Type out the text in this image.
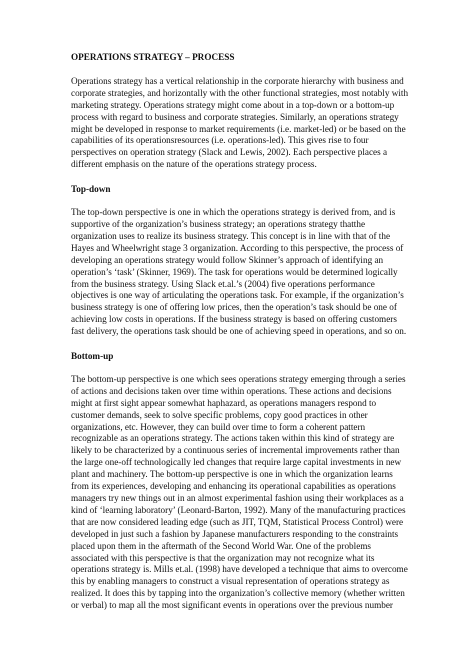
OPERATIONS STRATEGY – PROCESS

Operations strategy has a vertical relationship in the corporate hierarchy with business and corporate strategies, and horizontally with the other functional strategies, most notably with marketing strategy. Operations strategy might come about in a top-down or a bottom-up process with regard to business and corporate strategies. Similarly, an operations strategy might be developed in response to market requirements (i.e. market-led) or be based on the capabilities of its operationsresources (i.e. operations-led). This gives rise to four perspectives on operation strategy (Slack and Lewis, 2002). Each perspective places a different emphasis on the nature of the operations strategy process.

Top-down

The top-down perspective is one in which the operations strategy is derived from, and is supportive of the organization’s business strategy; an operations strategy thatthe organization uses to realize its business strategy. This concept is in line with that of the Hayes and Wheelwright stage 3 organization. According to this perspective, the process of developing an operations strategy would follow Skinner’s approach of identifying an operation’s ‘task’ (Skinner, 1969). The task for operations would be determined logically from the business strategy. Using Slack et.al.’s (2004) five operations performance objectives is one way of articulating the operations task. For example, if the organization’s business strategy is one of offering low prices, then the operation’s task should be one of achieving low costs in operations. If the business strategy is based on offering customers fast delivery, the operations task should be one of achieving speed in operations, and so on.

Bottom-up

The bottom-up perspective is one which sees operations strategy emerging through a series of actions and decisions taken over time within operations. These actions and decisions might at first sight appear somewhat haphazard, as operations managers respond to customer demands, seek to solve specific problems, copy good practices in other organizations, etc. However, they can build over time to form a coherent pattern recognizable as an operations strategy. The actions taken within this kind of strategy are likely to be characterized by a continuous series of incremental improvements rather than the large one-off technologically led changes that require large capital investments in new plant and machinery. The bottom-up perspective is one in which the organization learns from its experiences, developing and enhancing its operational capabilities as operations managers try new things out in an almost experimental fashion using their workplaces as a kind of ‘learning laboratory’ (Leonard-Barton, 1992). Many of the manufacturing practices that are now considered leading edge (such as JIT, TQM, Statistical Process Control) were developed in just such a fashion by Japanese manufacturers responding to the constraints placed upon them in the aftermath of the Second World War. One of the problems associated with this perspective is that the organization may not recognize what its operations strategy is. Mills et.al. (1998) have developed a technique that aims to overcome this by enabling managers to construct a visual representation of operations strategy as realized. It does this by tapping into the organization’s collective memory (whether written or verbal) to map all the most significant events in operations over the previous number
